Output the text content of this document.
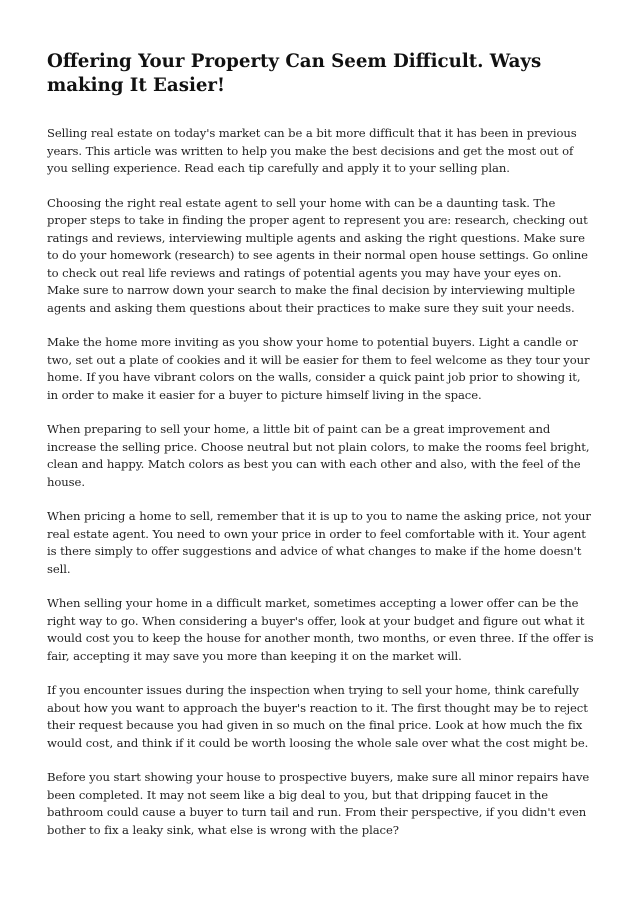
Offering Your Property Can Seem Difficult. Ways making It Easier!

Selling real estate on today's market can be a bit more difficult that it has been in previous years. This article was written to help you make the best decisions and get the most out of you selling experience. Read each tip carefully and apply it to your selling plan.

Choosing the right real estate agent to sell your home with can be a daunting task. The proper steps to take in finding the proper agent to represent you are: research, checking out ratings and reviews, interviewing multiple agents and asking the right questions. Make sure to do your homework (research) to see agents in their normal open house settings. Go online to check out real life reviews and ratings of potential agents you may have your eyes on. Make sure to narrow down your search to make the final decision by interviewing multiple agents and asking them questions about their practices to make sure they suit your needs.

Make the home more inviting as you show your home to potential buyers. Light a candle or two, set out a plate of cookies and it will be easier for them to feel welcome as they tour your home. If you have vibrant colors on the walls, consider a quick paint job prior to showing it, in order to make it easier for a buyer to picture himself living in the space.

When preparing to sell your home, a little bit of paint can be a great improvement and increase the selling price. Choose neutral but not plain colors, to make the rooms feel bright, clean and happy. Match colors as best you can with each other and also, with the feel of the house.

When pricing a home to sell, remember that it is up to you to name the asking price, not your real estate agent. You need to own your price in order to feel comfortable with it. Your agent is there simply to offer suggestions and advice of what changes to make if the home doesn't sell.

When selling your home in a difficult market, sometimes accepting a lower offer can be the right way to go. When considering a buyer's offer, look at your budget and figure out what it would cost you to keep the house for another month, two months, or even three. If the offer is fair, accepting it may save you more than keeping it on the market will.

If you encounter issues during the inspection when trying to sell your home, think carefully about how you want to approach the buyer's reaction to it. The first thought may be to reject their request because you had given in so much on the final price. Look at how much the fix would cost, and think if it could be worth loosing the whole sale over what the cost might be.

Before you start showing your house to prospective buyers, make sure all minor repairs have been completed. It may not seem like a big deal to you, but that dripping faucet in the bathroom could cause a buyer to turn tail and run. From their perspective, if you didn't even bother to fix a leaky sink, what else is wrong with the place?
